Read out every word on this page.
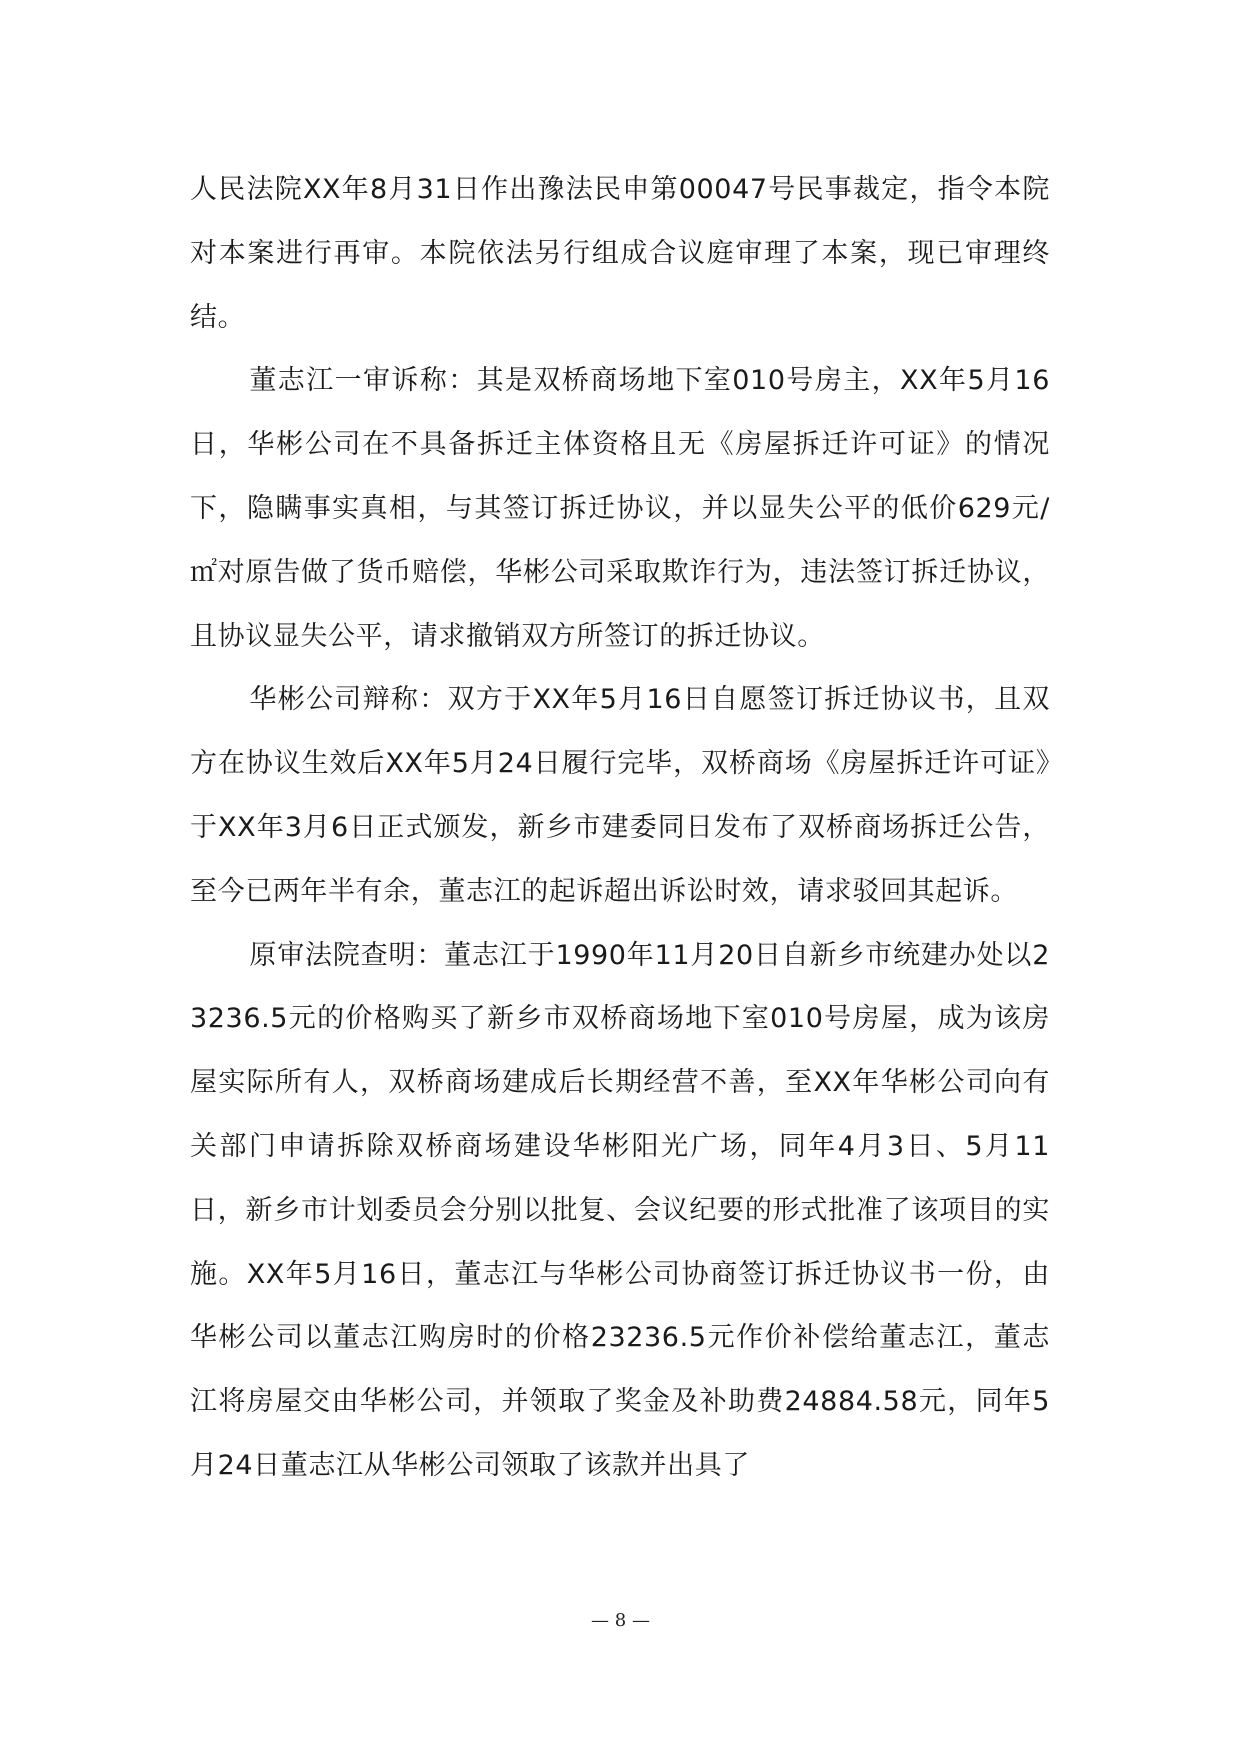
人民法院XX年8月31日作出豫法民申第00047号民事裁定，指令本院对本案进行再审。本院依法另行组成合议庭审理了本案，现已审理终结。

董志江一审诉称：其是双桥商场地下室010号房主，XX年5月16日，华彬公司在不具备拆迁主体资格且无《房屋拆迁许可证》的情况下，隐瞒事实真相，与其签订拆迁协议，并以显失公平的低价629元/㎡对原告做了货币赔偿，华彬公司采取欺诈行为，违法签订拆迁协议，且协议显失公平，请求撤销双方所签订的拆迁协议。

华彬公司辩称：双方于XX年5月16日自愿签订拆迁协议书，且双方在协议生效后XX年5月24日履行完毕，双桥商场《房屋拆迁许可证》于XX年3月6日正式颁发，新乡市建委同日发布了双桥商场拆迁公告，至今已两年半有余，董志江的起诉超出诉讼时效，请求驳回其起诉。

原审法院查明：董志江于1990年11月20日自新乡市统建办处以23236.5元的价格购买了新乡市双桥商场地下室010号房屋，成为该房屋实际所有人，双桥商场建成后长期经营不善，至XX年华彬公司向有关部门申请拆除双桥商场建设华彬阳光广场，同年4月3日、5月11日，新乡市计划委员会分别以批复、会议纪要的形式批准了该项目的实施。XX年5月16日，董志江与华彬公司协商签订拆迁协议书一份，由华彬公司以董志江购房时的价格23236.5元作价补偿给董志江，董志江将房屋交由华彬公司，并领取了奖金及补助费24884.58元，同年5月24日董志江从华彬公司领取了该款并出具了

— 8 —
